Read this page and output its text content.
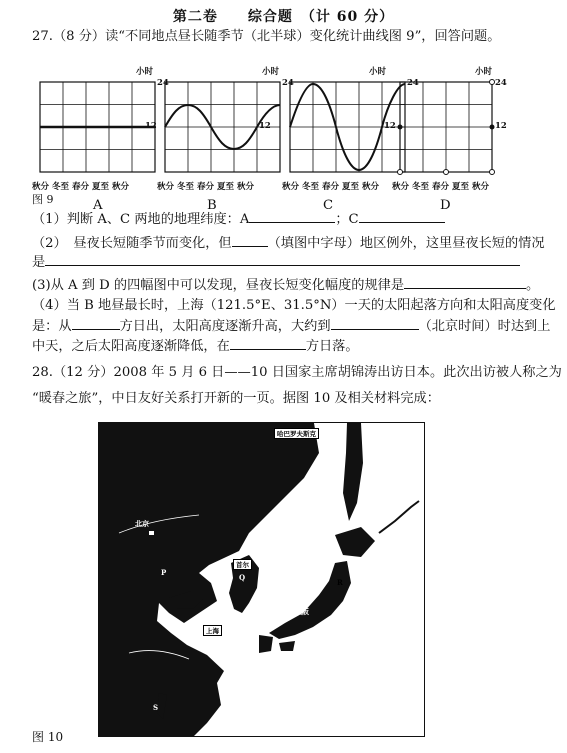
第二卷　　综合题　（计 60 分）
27.（8 分）读“不同地点昼长随季节（北半球）变化统计曲线图 9”，回答问题。
小时	小时	小时	小时
24	24	24	24
12	12	12	12
秋分 冬至 春分 夏至 秋分	秋分 冬至 春分 夏至 秋分	秋分 冬至 春分 夏至 秋分 秋分 冬至 春分 夏至 秋分
图 9	A	B	C	D
（1）判断 A、C 两地的地理纬度：A	；C
（2）　昼夜长短随季节而变化，但	（填图中字母）地区例外，这里昼夜长短的情况
是
(3)从 A 到 D 的四幅图中可以发现，昼夜长短变化幅度的规律是	。
（4）当 B 地昼最长时，上海（121.5°E、31.5°N）一天的太阳起落方向和太阳高度变化
是：从	方日出，太阳高度逐渐升高，大约到	（北京时间）时达到上
中天，之后太阳高度逐渐降低，在	方日落。
28.（12 分）2008 年 5 月 6 日——10 日国家主席胡锦涛出访日本。此次出访被人称之为
“暖春之旅”，中日友好关系打开新的一页。据图 10 及相关材料完成：
哈巴罗夫斯克
北京
首尔
上海
大阪
Q
P
R
S
图 10
